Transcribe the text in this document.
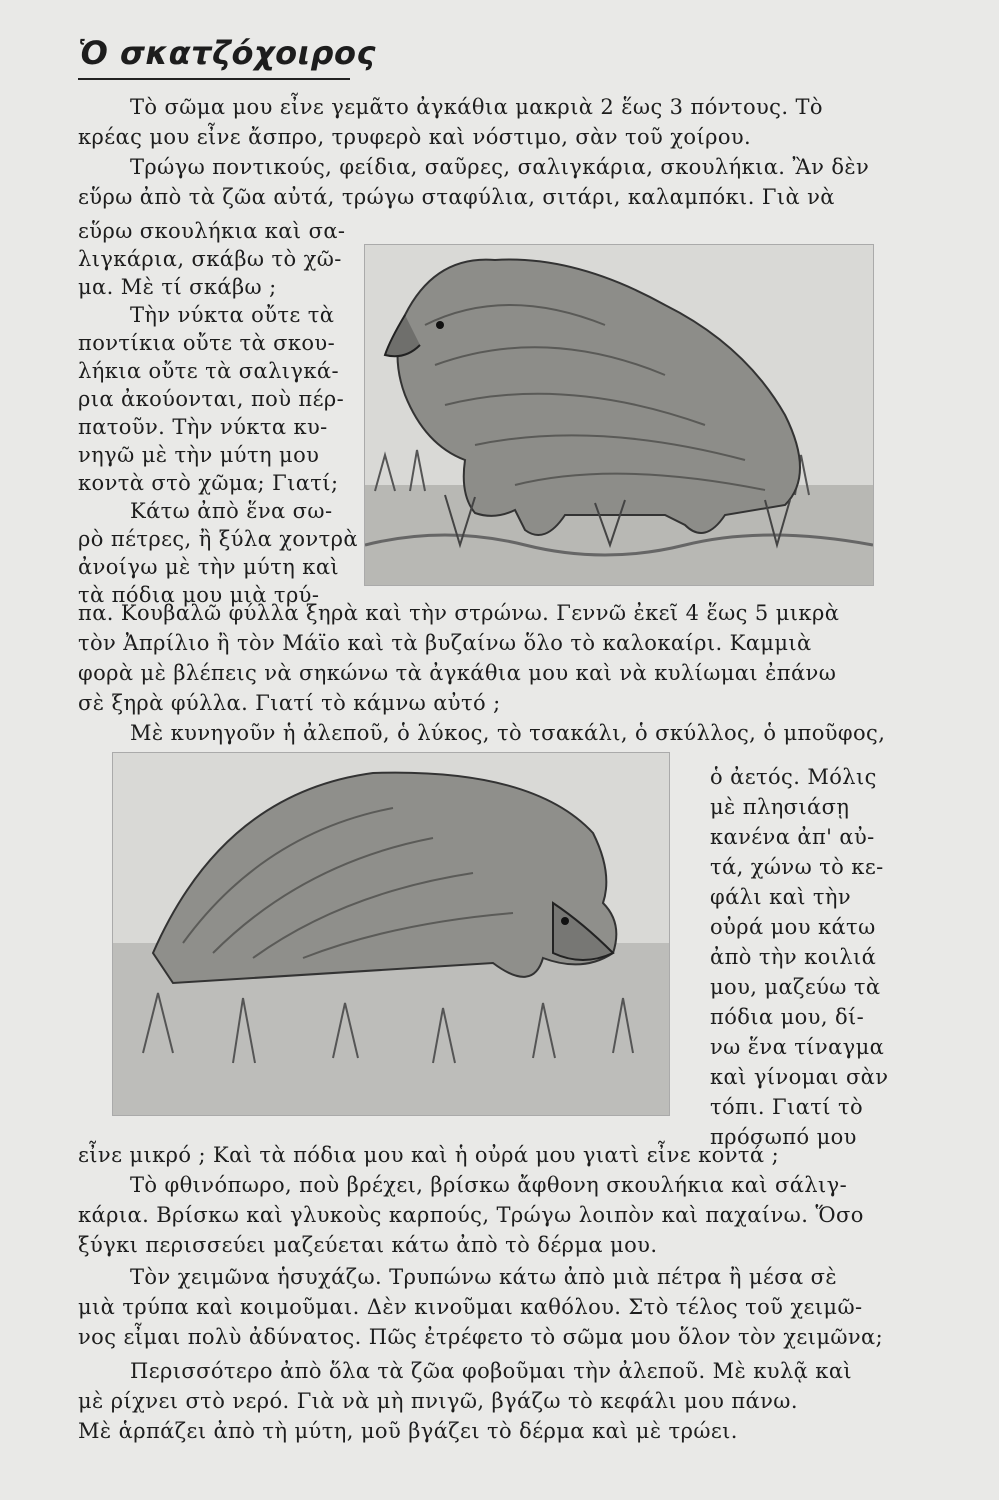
Ὁ σκατζόχοιρος
Τὸ σῶμα μου εἶνε γεμᾶτο ἀγκάθια μακριὰ 2 ἕως 3 πόντους. Τὸ
κρέας μου εἶνε ἄσπρο, τρυφερὸ καὶ νόστιμο, σὰν τοῦ χοίρου.
Τρώγω ποντικούς, φείδια, σαῦρες, σαλιγκάρια, σκουλήκια. Ἂν δὲν
εὕρω ἀπὸ τὰ ζῶα αὐτά, τρώγω σταφύλια, σιτάρι, καλαμπόκι. Γιὰ νὰ
εὕρω σκουλήκια καὶ σα-
λιγκάρια, σκάβω τὸ χῶ-
μα. Μὲ τί σκάβω ;
Τὴν νύκτα οὔτε τὰ
ποντίκια οὔτε τὰ σκου-
λήκια οὔτε τὰ σαλιγκά-
ρια ἀκούονται, ποὺ πέρ-
πατοῦν. Τὴν νύκτα κυ-
νηγῶ μὲ τὴν μύτη μου
κοντὰ στὸ χῶμα; Γιατί;
Κάτω ἀπὸ ἕνα σω-
ρὸ πέτρες, ἢ ξύλα χοντρὰ
ἀνοίγω μὲ τὴν μύτη καὶ
τὰ πόδια μου μιὰ τρύ-
πα. Κουβαλῶ φύλλα ξηρὰ καὶ τὴν στρώνω. Γεννῶ ἐκεῖ 4 ἕως 5 μικρὰ
τὸν Ἀπρίλιο ἢ τὸν Μάϊο καὶ τὰ βυζαίνω ὅλο τὸ καλοκαίρι. Καμμιὰ
φορὰ μὲ βλέπεις νὰ σηκώνω τὰ ἀγκάθια μου καὶ νὰ κυλίωμαι ἐπάνω
σὲ ξηρὰ φύλλα. Γιατί τὸ κάμνω αὐτό ;
Μὲ κυνηγοῦν ἡ ἀλεποῦ, ὁ λύκος, τὸ τσακάλι, ὁ σκύλλος, ὁ μποῦφος,
ὁ ἀετός. Μόλις
μὲ πλησιάσῃ
κανένα ἀπ' αὐ-
τά, χώνω τὸ κε-
φάλι καὶ τὴν
οὐρά μου κάτω
ἀπὸ τὴν κοιλιά
μου, μαζεύω τὰ
πόδια μου, δί-
νω ἕνα τίναγμα
καὶ γίνομαι σὰν
τόπι. Γιατί τὸ
πρόσωπό μου
εἶνε μικρό ; Καὶ τὰ πόδια μου καὶ ἡ οὐρά μου γιατὶ εἶνε κοντά ;
Τὸ φθινόπωρο, ποὺ βρέχει, βρίσκω ἄφθονη σκουλήκια καὶ σάλιγ-
κάρια. Βρίσκω καὶ γλυκοὺς καρπούς, Τρώγω λοιπὸν καὶ παχαίνω. Ὅσο
ξύγκι περισσεύει μαζεύεται κάτω ἀπὸ τὸ δέρμα μου.
Τὸν χειμῶνα ἡσυχάζω. Τρυπώνω κάτω ἀπὸ μιὰ πέτρα ἢ μέσα σὲ
μιὰ τρύπα καὶ κοιμοῦμαι. Δὲν κινοῦμαι καθόλου. Στὸ τέλος τοῦ χειμῶ-
νος εἶμαι πολὺ ἀδύνατος. Πῶς ἐτρέφετο τὸ σῶμα μου ὅλον τὸν χειμῶνα;
Περισσότερο ἀπὸ ὅλα τὰ ζῶα φοβοῦμαι τὴν ἀλεποῦ. Μὲ κυλᾷ καὶ
μὲ ρίχνει στὸ νερό. Γιὰ νὰ μὴ πνιγῶ, βγάζω τὸ κεφάλι μου πάνω.
Μὲ ἁρπάζει ἀπὸ τὴ μύτη, μοῦ βγάζει τὸ δέρμα καὶ μὲ τρώει.
